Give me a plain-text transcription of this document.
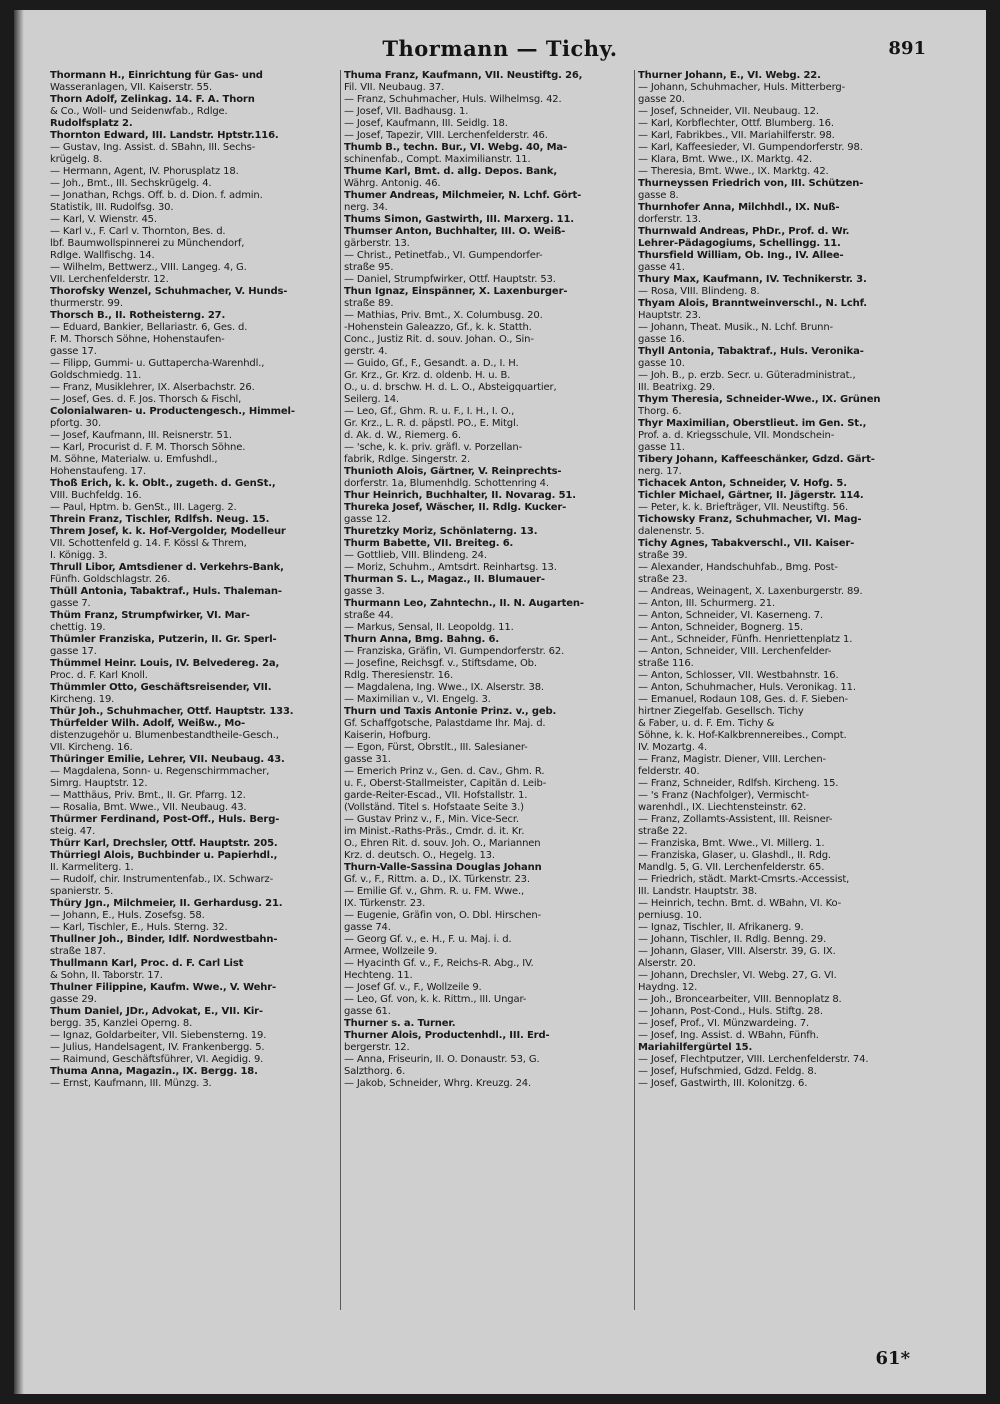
Thormann — Tichy.	891
Thormann H., Einrichtung für Gas- und
Wasseranlagen, VII. Kaiserstr. 55.
Thorn Adolf, Zelinkag. 14. F. A. Thorn
& Co., Woll- und Seidenwfab., Rdlge.
Rudolfsplatz 2.
Thornton Edward, III. Landstr. Hptstr.116.
— Gustav, Ing. Assist. d. SBahn, III. Sechs-
krügelg. 8.
— Hermann, Agent, IV. Phorusplatz 18.
— Joh., Bmt., III. Sechskrügelg. 4.
— Jonathan, Rchgs. Off. b. d. Dion. f. admin.
Statistik, III. Rudolfsg. 30.
— Karl, V. Wienstr. 45.
— Karl v., F. Carl v. Thornton, Bes. d.
lbf. Baumwollspinnerei zu Münchendorf,
Rdlge. Wallfischg. 14.
— Wilhelm, Bettwerz., VIII. Langeg. 4, G.
VII. Lerchenfelderstr. 12.
Thorofsky Wenzel, Schuhmacher, V. Hunds-
thurmerstr. 99.
Thorsch B., II. Rotheisterng. 27.
— Eduard, Bankier, Bellariastr. 6, Ges. d.
F. M. Thorsch Söhne, Hohenstaufen-
gasse 17.
— Filipp, Gummi- u. Guttapercha-Warenhdl.,
Goldschmiedg. 11.
— Franz, Musiklehrer, IX. Alserbachstr. 26.
— Josef, Ges. d. F. Jos. Thorsch & Fischl,
Colonialwaren- u. Productengesch., Himmel-
pfortg. 30.
— Josef, Kaufmann, III. Reisnerstr. 51.
— Karl, Procurist d. F. M. Thorsch Söhne.
M. Söhne, Materialw. u. Emfushdl.,
Hohenstaufeng. 17.
Thoß Erich, k. k. Oblt., zugeth. d. GenSt.,
VIII. Buchfeldg. 16.
— Paul, Hptm. b. GenSt., III. Lagerg. 2.
Threin Franz, Tischler, Rdlfsh. Neug. 15.
Threm Josef, k. k. Hof-Vergolder, Modelleur
VII. Schottenfeld g. 14. F. Kössl & Threm,
I. Königg. 3.
Thrull Libor, Amtsdiener d. Verkehrs-Bank,
Fünfh. Goldschlagstr. 26.
Thüll Antonia, Tabaktraf., Huls. Thaleman-
gasse 7.
Thüm Franz, Strumpfwirker, VI. Mar-
chettig. 19.
Thümler Franziska, Putzerin, II. Gr. Sperl-
gasse 17.
Thümmel Heinr. Louis, IV. Belvedereg. 2a,
Proc. d. F. Karl Knoll.
Thümmler Otto, Geschäftsreisender, VII.
Kircheng. 19.
Thür Joh., Schuhmacher, Ottf. Hauptstr. 133.
Thürfelder Wilh. Adolf, Weißw., Mo-
distenzugehör u. Blumenbestandtheile-Gesch.,
VII. Kircheng. 16.
Thüringer Emilie, Lehrer, VII. Neubaug. 43.
— Magdalena, Sonn- u. Regenschirmmacher,
Simrg. Hauptstr. 12.
— Matthäus, Priv. Bmt., II. Gr. Pfarrg. 12.
— Rosalia, Bmt. Wwe., VII. Neubaug. 43.
Thürmer Ferdinand, Post-Off., Huls. Berg-
steig. 47.
Thürr Karl, Drechsler, Ottf. Hauptstr. 205.
Thürriegl Alois, Buchbinder u. Papierhdl.,
II. Karmeliterg. 1.
— Rudolf, chir. Instrumentenfab., IX. Schwarz-
spanierstr. 5.
Thüry Jgn., Milchmeier, II. Gerhardusg. 21.
— Johann, E., Huls. Zosefsg. 58.
— Karl, Tischler, E., Huls. Sterng. 32.
Thullner Joh., Binder, Idlf. Nordwestbahn-
straße 187.
Thullmann Karl, Proc. d. F. Carl List
& Sohn, II. Taborstr. 17.
Thulner Filippine, Kaufm. Wwe., V. Wehr-
gasse 29.
Thum Daniel, JDr., Advokat, E., VII. Kir-
bergg. 35, Kanzlei Operng. 8.
— Ignaz, Goldarbeiter, VII. Siebensterng. 19.
— Julius, Handelsagent, IV. Frankenbergg. 5.
— Raimund, Geschäftsführer, VI. Aegidig. 9.
Thuma Anna, Magazin., IX. Bergg. 18.
— Ernst, Kaufmann, III. Münzg. 3.
Thuma Franz, Kaufmann, VII. Neustiftg. 26,
Fil. VII. Neubaug. 37.
— Franz, Schuhmacher, Huls. Wilhelmsg. 42.
— Josef, VII. Badhausg. 1.
— Josef, Kaufmann, III. Seidlg. 18.
— Josef, Tapezir, VIII. Lerchenfelderstr. 46.
Thumb B., techn. Bur., VI. Webg. 40, Ma-
schinenfab., Compt. Maximilianstr. 11.
Thume Karl, Bmt. d. allg. Depos. Bank,
Währg. Antonig. 46.
Thumer Andreas, Milchmeier, N. Lchf. Gört-
nerg. 34.
Thums Simon, Gastwirth, III. Marxerg. 11.
Thumser Anton, Buchhalter, III. O. Weiß-
gärberstr. 13.
— Christ., Petinetfab., VI. Gumpendorfer-
straße 95.
— Daniel, Strumpfwirker, Ottf. Hauptstr. 53.
Thun Ignaz, Einspänner, X. Laxenburger-
straße 89.
— Mathias, Priv. Bmt., X. Columbusg. 20.
-Hohenstein Galeazzo, Gf., k. k. Statth.
Conc., Justiz Rit. d. souv. Johan. O., Sin-
gerstr. 4.
— Guido, Gf., F., Gesandt. a. D., I. H.
Gr. Krz., Gr. Krz. d. oldenb. H. u. B.
O., u. d. brschw. H. d. L. O., Absteigquartier,
Seilerg. 14.
— Leo, Gf., Ghm. R. u. F., I. H., I. O.,
Gr. Krz., L. R. d. päpstl. PO., E. Mitgl.
d. Ak. d. W., Riemerg. 6.
— 'sche, k. k. priv. gräfl. v. Porzellan-
fabrik, Rdlge. Singerstr. 2.
Thunioth Alois, Gärtner, V. Reinprechts-
dorferstr. 1a, Blumenhdlg. Schottenring 4.
Thur Heinrich, Buchhalter, II. Novarag. 51.
Thureka Josef, Wäscher, II. Rdlg. Kucker-
gasse 12.
Thuretzky Moriz, Schönlaterng. 13.
Thurm Babette, VII. Breiteg. 6.
— Gottlieb, VIII. Blindeng. 24.
— Moriz, Schuhm., Amtsdrt. Reinhartsg. 13.
Thurman S. L., Magaz., II. Blumauer-
gasse 3.
Thurmann Leo, Zahntechn., II. N. Augarten-
straße 44.
— Markus, Sensal, II. Leopoldg. 11.
Thurn Anna, Bmg. Bahng. 6.
— Franziska, Gräfin, VI. Gumpendorferstr. 62.
— Josefine, Reichsgf. v., Stiftsdame, Ob.
Rdlg. Theresienstr. 16.
— Magdalena, Ing. Wwe., IX. Alserstr. 38.
— Maximilian v., VI. Engelg. 3.
Thurn und Taxis Antonie Prinz. v., geb.
Gf. Schaffgotsche, Palastdame Ihr. Maj. d.
Kaiserin, Hofburg.
— Egon, Fürst, Obrstlt., III. Salesianer-
gasse 31.
— Emerich Prinz v., Gen. d. Cav., Ghm. R.
u. F., Oberst-Stallmeister, Capitän d. Leib-
garde-Reiter-Escad., VII. Hofstallstr. 1.
(Vollständ. Titel s. Hofstaate Seite 3.)
— Gustav Prinz v., F., Min. Vice-Secr.
im Minist.-Raths-Präs., Cmdr. d. it. Kr.
O., Ehren Rit. d. souv. Joh. O., Mariannen
Krz. d. deutsch. O., Hegelg. 13.
Thurn-Valle-Sassina Douglas Johann
Gf. v., F., Rittm. a. D., IX. Türkenstr. 23.
— Emilie Gf. v., Ghm. R. u. FM. Wwe.,
IX. Türkenstr. 23.
— Eugenie, Gräfin von, O. Dbl. Hirschen-
gasse 74.
— Georg Gf. v., e. H., F. u. Maj. i. d.
Armee, Wollzeile 9.
— Hyacinth Gf. v., F., Reichs-R. Abg., IV.
Hechteng. 11.
— Josef Gf. v., F., Wollzeile 9.
— Leo, Gf. von, k. k. Rittm., III. Ungar-
gasse 61.
Thurner s. a. Turner.
Thurner Alois, Productenhdl., III. Erd-
bergerstr. 12.
— Anna, Friseurin, II. O. Donaustr. 53, G.
Salzthorg. 6.
— Jakob, Schneider, Whrg. Kreuzg. 24.
Thurner Johann, E., VI. Webg. 22.
— Johann, Schuhmacher, Huls. Mitterberg-
gasse 20.
— Josef, Schneider, VII. Neubaug. 12.
— Karl, Korbflechter, Ottf. Blumberg. 16.
— Karl, Fabrikbes., VII. Mariahilferstr. 98.
— Karl, Kaffeesieder, VI. Gumpendorferstr. 98.
— Klara, Bmt. Wwe., IX. Marktg. 42.
— Theresia, Bmt. Wwe., IX. Marktg. 42.
Thurneyssen Friedrich von, III. Schützen-
gasse 8.
Thurnhofer Anna, Milchhdl., IX. Nuß-
dorferstr. 13.
Thurnwald Andreas, PhDr., Prof. d. Wr.
Lehrer-Pädagogiums, Schellingg. 11.
Thursfield William, Ob. Ing., IV. Allee-
gasse 41.
Thury Max, Kaufmann, IV. Technikerstr. 3.
— Rosa, VIII. Blindeng. 8.
Thyam Alois, Branntweinverschl., N. Lchf.
Hauptstr. 23.
— Johann, Theat. Musik., N. Lchf. Brunn-
gasse 16.
Thyll Antonia, Tabaktraf., Huls. Veronika-
gasse 10.
— Joh. B., p. erzb. Secr. u. Güteradministrat.,
III. Beatrixg. 29.
Thym Theresia, Schneider-Wwe., IX. Grünen
Thorg. 6.
Thyr Maximilian, Oberstlieut. im Gen. St.,
Prof. a. d. Kriegsschule, VII. Mondschein-
gasse 11.
Tibery Johann, Kaffeeschänker, Gdzd. Gärt-
nerg. 17.
Tichacek Anton, Schneider, V. Hofg. 5.
Tichler Michael, Gärtner, II. Jägerstr. 114.
— Peter, k. k. Briefträger, VII. Neustiftg. 56.
Tichowsky Franz, Schuhmacher, VI. Mag-
dalenenstr. 5.
Tichy Agnes, Tabakverschl., VII. Kaiser-
straße 39.
— Alexander, Handschuhfab., Bmg. Post-
straße 23.
— Andreas, Weinagent, X. Laxenburgerstr. 89.
— Anton, III. Schurmerg. 21.
— Anton, Schneider, VI. Kaserneng. 7.
— Anton, Schneider, Bognerg. 15.
— Ant., Schneider, Fünfh. Henriettenplatz 1.
— Anton, Schneider, VIII. Lerchenfelder-
straße 116.
— Anton, Schlosser, VII. Westbahnstr. 16.
— Anton, Schuhmacher, Huls. Veronikag. 11.
— Emanuel, Rodaun 108, Ges. d. F. Sieben-
hirtner Ziegelfab. Gesellsch. Tichy
& Faber, u. d. F. Em. Tichy &
Söhne, k. k. Hof-Kalkbrennereibes., Compt.
IV. Mozartg. 4.
— Franz, Magistr. Diener, VIII. Lerchen-
felderstr. 40.
— Franz, Schneider, Rdlfsh. Kircheng. 15.
— 's Franz (Nachfolger), Vermischt-
warenhdl., IX. Liechtensteinstr. 62.
— Franz, Zollamts-Assistent, III. Reisner-
straße 22.
— Franziska, Bmt. Wwe., VI. Millerg. 1.
— Franziska, Glaser, u. Glashdl., II. Rdg.
Mandlg. 5, G. VII. Lerchenfelderstr. 65.
— Friedrich, städt. Markt-Cmsrts.-Accessist,
III. Landstr. Hauptstr. 38.
— Heinrich, techn. Bmt. d. WBahn, VI. Ko-
perniusg. 10.
— Ignaz, Tischler, II. Afrikanerg. 9.
— Johann, Tischler, II. Rdlg. Benng. 29.
— Johann, Glaser, VIII. Alserstr. 39, G. IX.
Alserstr. 20.
— Johann, Drechsler, VI. Webg. 27, G. VI.
Haydng. 12.
— Joh., Broncearbeiter, VIII. Bennoplatz 8.
— Johann, Post-Cond., Huls. Stiftg. 28.
— Josef, Prof., VI. Münzwardeing. 7.
— Josef, Ing. Assist. d. WBahn, Fünfh.
Mariahilfergürtel 15.
— Josef, Flechtputzer, VIII. Lerchenfelderstr. 74.
— Josef, Hufschmied, Gdzd. Feldg. 8.
— Josef, Gastwirth, III. Kolonitzg. 6.
61*
